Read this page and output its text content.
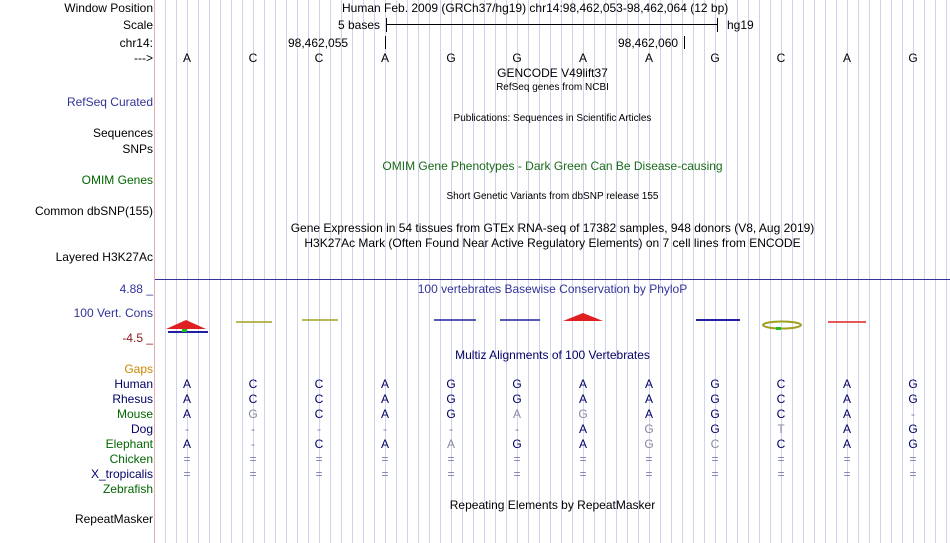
Window Position	Human Feb. 2009 (GRCh37/hg19) chr14:98,462,053-98,462,064 (12 bp)
Scale	5 bases	hg19
chr14:	98,462,055	98,462,060
--->	A	C	C	A	G	G	A	A	G	C	A	G
GENCODE V49lift37
RefSeq genes from NCBI
RefSeq Curated
Publications: Sequences in Scientific Articles
Sequences
SNPs
OMIM Gene Phenotypes - Dark Green Can Be Disease-causing
OMIM Genes
Short Genetic Variants from dbSNP release 155
Common dbSNP(155)
Gene Expression in 54 tissues from GTEx RNA-seq of 17382 samples, 948 donors (V8, Aug 2019)
H3K27Ac Mark (Often Found Near Active Regulatory Elements) on 7 cell lines from ENCODE
Layered H3K27Ac
100 vertebrates Basewise Conservation by PhyloP
4.88 _
100 Vert. Cons
-4.5 _
Multiz Alignments of 100 Vertebrates
Gaps
Human	A	C	C	A	G	G	A	A	G	C	A	G
Rhesus	A	C	C	A	G	G	A	A	G	C	A	G
Mouse	A	G	C	A	G	A	G	A	G	C	A	-
Dog	-	-	-	-	-	-	A	G	G	T	A	G
Elephant	A	-	C	A	A	G	A	G	C	C	A	G
Chicken	=	=	=	=	=	=	=	=	=	=	=	=
X_tropicalis	=	=	=	=	=	=	=	=	=	=	=	=
Zebrafish
Repeating Elements by RepeatMasker
RepeatMasker
